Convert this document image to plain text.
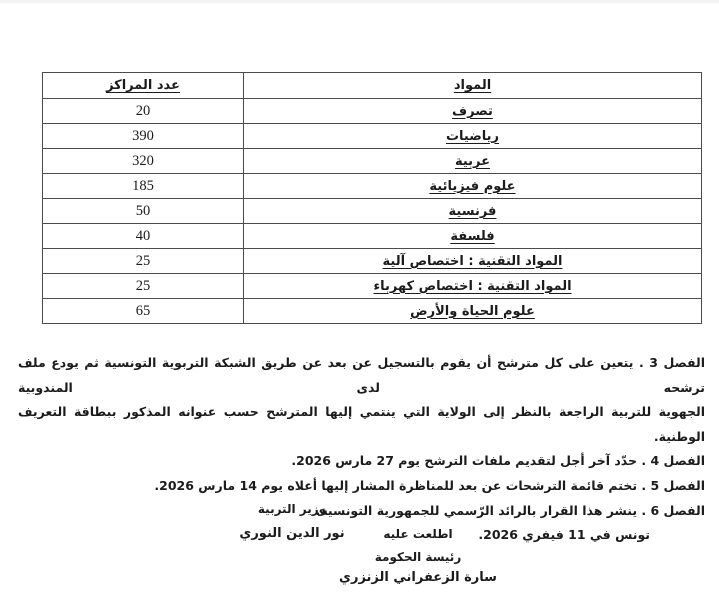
المواد	عدد المراكز
تصرف	20
رياضيات	390
عربية	320
علوم فيزيائية	185
فرنسية	50
فلسفة	40
المواد التقنية : اختصاص آلية	25
المواد التقنية : اختصاص كهرباء	25
علوم الحياة والأرض	65
الفصل 3 . يتعين على كل مترشح أن يقوم بالتسجيل عن بعد عن طريق الشبكة التربوية التونسية ثم يودع ملف ترشحه لدى المندوبية
الجهوية للتربية الراجعة بالنظر إلى الولاية التي ينتمي إليها المترشح حسب عنوانه المذكور ببطاقة التعريف الوطنية.
الفصل 4 . حدّد آخر أجل لتقديم ملفات الترشح يوم 27 مارس 2026.
الفصل 5 . تختم قائمة الترشحات عن بعد للمناظرة المشار إليها أعلاه يوم 14 مارس 2026.
الفصل 6 . ينشر هذا القرار بالرائد الرّسمي للجمهورية التونسية.
تونس في 11 فيفري 2026.
وزير التربية
نور الدين النوري	اطلعت عليه
رئيسة الحكومة
سارة الزعفراني الزنزري
